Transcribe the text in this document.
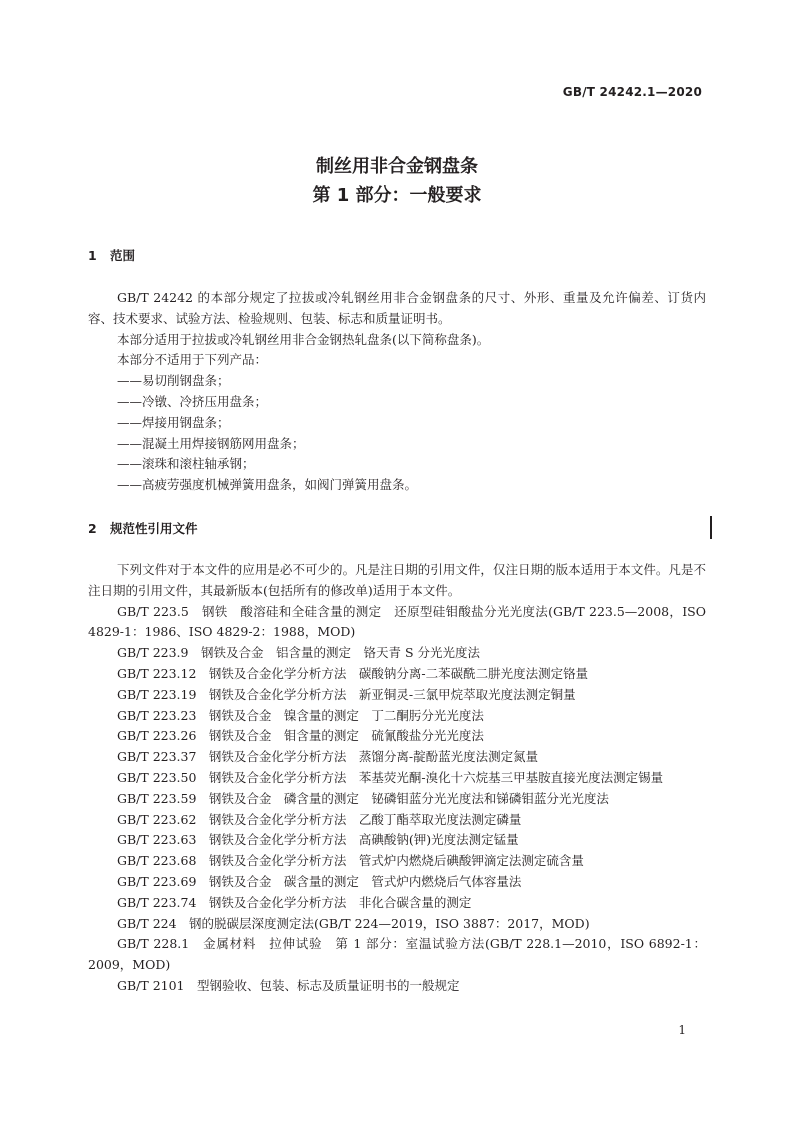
GB/T 24242.1—2020
制丝用非合金钢盘条
第 1 部分：一般要求
1 范围

GB/T 24242 的本部分规定了拉拔或冷轧钢丝用非合金钢盘条的尺寸、外形、重量及允许偏差、订货内容、技术要求、试验方法、检验规则、包装、标志和质量证明书。

本部分适用于拉拔或冷轧钢丝用非合金钢热轧盘条(以下简称盘条)。

本部分不适用于下列产品：

——易切削钢盘条；

——冷镦、冷挤压用盘条；

——焊接用钢盘条；

——混凝土用焊接钢筋网用盘条；

——滚珠和滚柱轴承钢；

——高疲劳强度机械弹簧用盘条，如阀门弹簧用盘条。

2 规范性引用文件

下列文件对于本文件的应用是必不可少的。凡是注日期的引用文件，仅注日期的版本适用于本文件。凡是不注日期的引用文件，其最新版本(包括所有的修改单)适用于本文件。

GB/T 223.5　钢铁　酸溶硅和全硅含量的测定　还原型硅钼酸盐分光光度法(GB/T 223.5—2008，ISO 4829-1：1986、ISO 4829-2：1988，MOD)

GB/T 223.9　钢铁及合金　铝含量的测定　铬天青 S 分光光度法

GB/T 223.12　钢铁及合金化学分析方法　碳酸钠分离-二苯碳酰二肼光度法测定铬量

GB/T 223.19　钢铁及合金化学分析方法　新亚铜灵-三氯甲烷萃取光度法测定铜量

GB/T 223.23　钢铁及合金　镍含量的测定　丁二酮肟分光光度法

GB/T 223.26　钢铁及合金　钼含量的测定　硫氰酸盐分光光度法

GB/T 223.37　钢铁及合金化学分析方法　蒸馏分离-靛酚蓝光度法测定氮量

GB/T 223.50　钢铁及合金化学分析方法　苯基荧光酮-溴化十六烷基三甲基胺直接光度法测定锡量

GB/T 223.59　钢铁及合金　磷含量的测定　铋磷钼蓝分光光度法和锑磷钼蓝分光光度法

GB/T 223.62　钢铁及合金化学分析方法　乙酸丁酯萃取光度法测定磷量

GB/T 223.63　钢铁及合金化学分析方法　高碘酸钠(钾)光度法测定锰量

GB/T 223.68　钢铁及合金化学分析方法　管式炉内燃烧后碘酸钾滴定法测定硫含量

GB/T 223.69　钢铁及合金　碳含量的测定　管式炉内燃烧后气体容量法

GB/T 223.74　钢铁及合金化学分析方法　非化合碳含量的测定

GB/T 224　钢的脱碳层深度测定法(GB/T 224—2019，ISO 3887：2017，MOD)

GB/T 228.1　金属材料　拉伸试验　第 1 部分：室温试验方法(GB/T 228.1—2010，ISO 6892-1：2009，MOD)

GB/T 2101　型钢验收、包装、标志及质量证明书的一般规定

1
